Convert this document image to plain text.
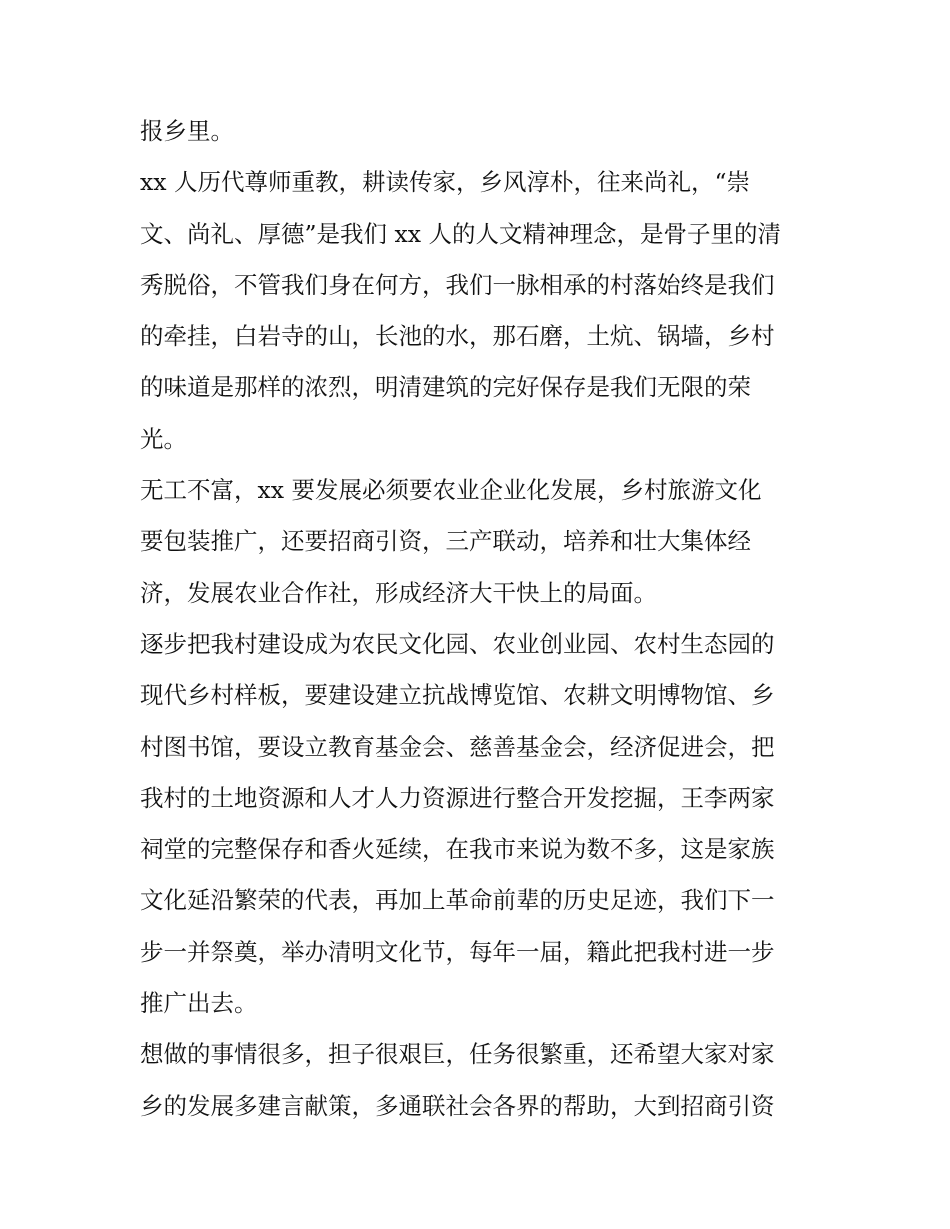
报乡里。
xx 人历代尊师重教，耕读传家，乡风淳朴，往来尚礼，“崇
文、尚礼、厚德”是我们 xx 人的人文精神理念，是骨子里的清
秀脱俗，不管我们身在何方，我们一脉相承的村落始终是我们
的牵挂，白岩寺的山，长池的水，那石磨，土炕、锅墙，乡村
的味道是那样的浓烈，明清建筑的完好保存是我们无限的荣
光。
无工不富，xx 要发展必须要农业企业化发展，乡村旅游文化
要包装推广，还要招商引资，三产联动，培养和壮大集体经
济，发展农业合作社，形成经济大干快上的局面。
逐步把我村建设成为农民文化园、农业创业园、农村生态园的
现代乡村样板，要建设建立抗战博览馆、农耕文明博物馆、乡
村图书馆，要设立教育基金会、慈善基金会，经济促进会，把
我村的土地资源和人才人力资源进行整合开发挖掘，王李两家
祠堂的完整保存和香火延续，在我市来说为数不多，这是家族
文化延沿繁荣的代表，再加上革命前辈的历史足迹，我们下一
步一并祭奠，举办清明文化节，每年一届，籍此把我村进一步
推广出去。
想做的事情很多，担子很艰巨，任务很繁重，还希望大家对家
乡的发展多建言献策，多通联社会各界的帮助，大到招商引资
